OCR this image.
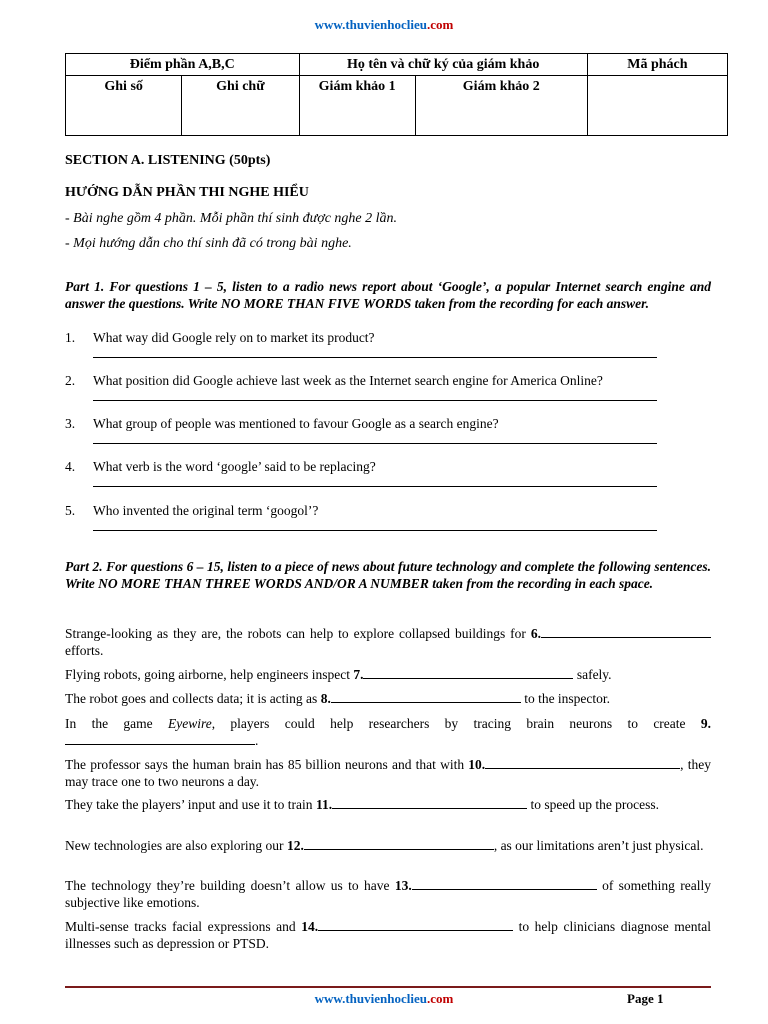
www.thuvienhoclieu.com
Điểm phần A,B,C		Họ tên và chữ ký của giám khảo		Mã phách
Ghi số	Ghi chữ	Giám khảo 1	Giám khảo 2	
SECTION A. LISTENING (50pts)
HƯỚNG DẪN PHẦN THI NGHE HIỂU
- Bài nghe gồm 4 phần. Mỗi phần thí sinh được nghe 2 lần.
- Mọi hướng dẫn cho thí sinh đã có trong bài nghe.
Part 1. For questions 1 – 5, listen to a radio news report about ‘Google’, a popular Internet search engine and answer the questions. Write NO MORE THAN FIVE WORDS taken from the recording for each answer.
1. What way did Google rely on to market its product?
2. What position did Google achieve last week as the Internet search engine for America Online?
3. What group of people was mentioned to favour Google as a search engine?
4. What verb is the word ‘google’ said to be replacing?
5. Who invented the original term ‘googol’?
Part 2. For questions 6 – 15, listen to a piece of news about future technology and complete the following sentences. Write NO MORE THAN THREE WORDS AND/OR A NUMBER taken from the recording in each space.
Strange-looking as they are, the robots can help to explore collapsed buildings for 6. efforts.
Flying robots, going airborne, help engineers inspect 7.	safely.
The robot goes and collects data; it is acting as 8.	to the inspector.
In the game Eyewire, players could help researchers by tracing brain neurons to create 9..
The professor says the human brain has 85 billion neurons and that with 10.	, they may trace one to two neurons a day.
They take the players’ input and use it to train 11.	to speed up the process.
New technologies are also exploring our 12.	, as our limitations aren’t just physical.
The technology they’re building doesn’t allow us to have 13.	of something really subjective like emotions.
Multi-sense tracks facial expressions and 14.	to help clinicians diagnose mental illnesses such as depression or PTSD.
www.thuvienhoclieu.com	Page 1
